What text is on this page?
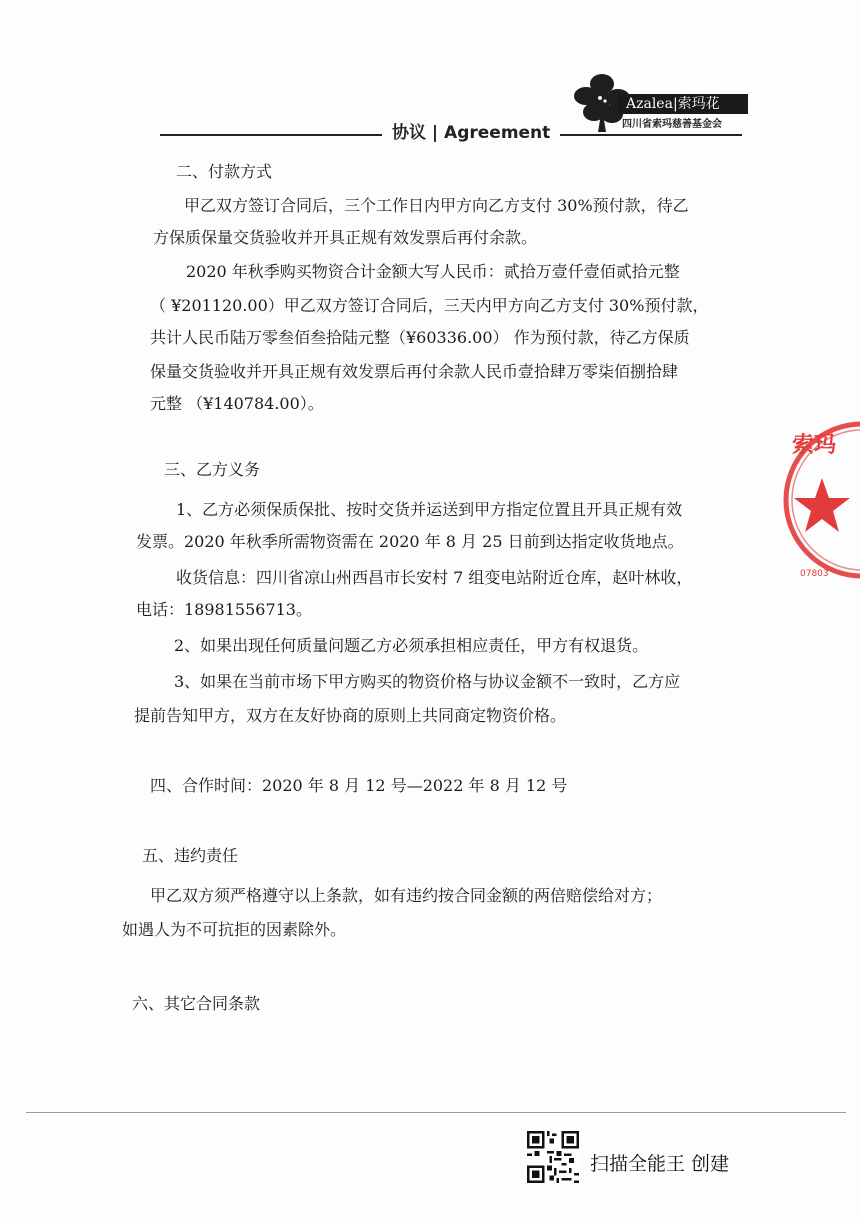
协议 | Agreement
Azalea|索玛花
四川省索玛慈善基金会
二、付款方式
甲乙双方签订合同后，三个工作日内甲方向乙方支付 30%预付款，待乙
方保质保量交货验收并开具正规有效发票后再付余款。
2020 年秋季购买物资合计金额大写人民币：贰拾万壹仟壹佰贰拾元整
（ ¥201120.00）甲乙双方签订合同后，三天内甲方向乙方支付 30%预付款，
共计人民币陆万零叁佰叁拾陆元整（¥60336.00） 作为预付款，待乙方保质
保量交货验收并开具正规有效发票后再付余款人民币壹拾肆万零柒佰捌拾肆
元整 （¥140784.00）。
三、乙方义务
1、乙方必须保质保批、按时交货并运送到甲方指定位置且开具正规有效
发票。2020 年秋季所需物资需在 2020 年 8 月 25 日前到达指定收货地点。
收货信息：四川省凉山州西昌市长安村 7 组变电站附近仓库，赵叶林收，
电话：18981556713。
2、如果出现任何质量问题乙方必须承担相应责任，甲方有权退货。
3、如果在当前市场下甲方购买的物资价格与协议金额不一致时，乙方应
提前告知甲方，双方在友好协商的原则上共同商定物资价格。
四、合作时间：2020 年 8 月 12 号—2022 年 8 月 12 号
五、违约责任
甲乙双方须严格遵守以上条款，如有违约按合同金额的两倍赔偿给对方；
如遇人为不可抗拒的因素除外。
六、其它合同条款
索玛
07803
扫描全能王 创建
